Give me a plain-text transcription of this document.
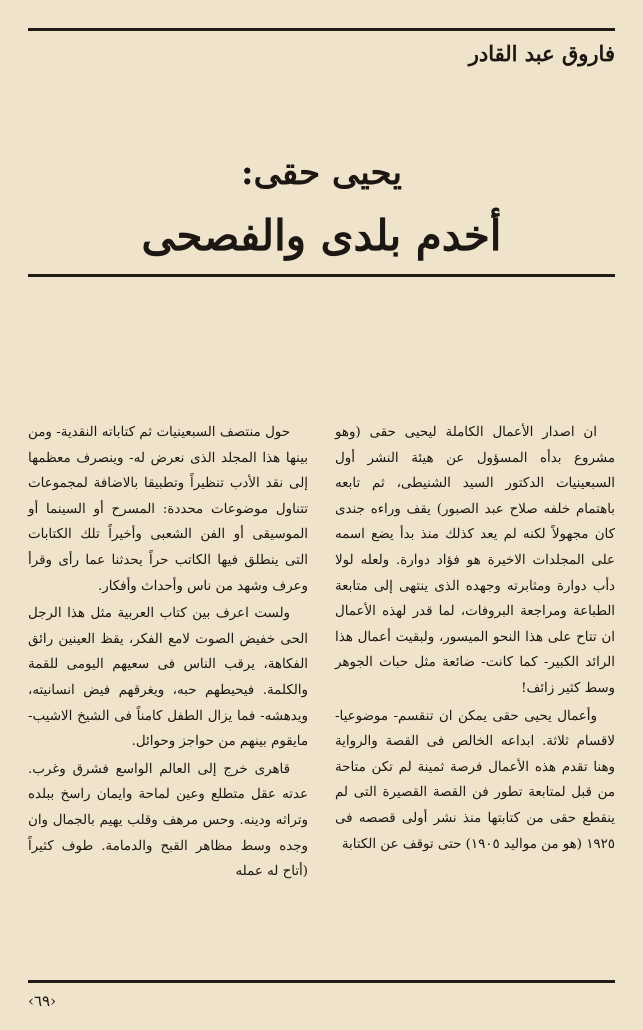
فاروق عبد القادر
يحيى حقى:
أخدم بلدى والفصحى

ان اصدار الأعمال الكاملة ليحيى حقى (وهو مشروع بدأه المسؤول عن هيئة النشر أول السبعينيات الدكتور السيد الشنيطى، ثم تابعه باهتمام خلفه صلاح عبد الصبور) يقف وراءه جندى كان مجهولاً لكنه لم يعد كذلك منذ بدأ يضع اسمه على المجلدات الاخيرة هو فؤاد دوارة. ولعله لولا دأب دوارة ومثابرته وجهده الذى ينتهى إلى متابعة الطباعة ومراجعة البروفات، لما قدر لهذه الأعمال ان تتاح على هذا النحو الميسور، ولبقيت أعمال هذا الرائد الكبير- كما كانت- ضائعة مثل حبات الجوهر وسط كثير زائف!

وأعمال يحيى حقى يمكن ان تنقسم- موضوعيا- لاقسام ثلاثة. ابداعه الخالص فى القصة والرواية وهنا تقدم هذه الأعمال فرصة ثمينة لم تكن متاحة من قبل لمتابعة تطور فن القصة القصيرة التى لم ينقطع حقى من كتابتها منذ نشر أولى قصصه فى ١٩٢٥ (هو من مواليد ١٩٠٥) حتى توقف عن الكتابة

حول منتصف السبعينيات ثم كتاباته النقدية- ومن بينها هذا المجلد الذى نعرض له- وينصرف معظمها إلى نقد الأدب تنظيراً وتطبيقا بالاضافة لمجموعات تتناول موضوعات محددة: المسرح أو السينما أو الموسيقى أو الفن الشعبى وأخيراً تلك الكتابات التى ينطلق فيها الكاتب حراً يحدثنا عما رأى وقرأ وعرف وشهد من ناس وأحداث وأفكار.

ولست اعرف بين كتاب العربية مثل هذا الرجل الحى خفيض الصوت لامع الفكر، يقظ العينين رائق الفكاهة، يرقب الناس فى سعيهم اليومى للقمة والكلمة. فيحيطهم حبه، ويغرقهم فيض انسانيته، ويدهشه- فما يزال الطفل كامناً فى الشيخ الاشيب- مايقوم بينهم من حواجز وحوائل.

قاهرى خرج إلى العالم الواسع فشرق وغرب. عدته عقل متطلع وعين لماحة وايمان راسخ ببلده وتراثه ودينه. وحس مرهف وقلب يهيم بالجمال وان وجده وسط مظاهر القبح والدمامة. طوف كثيراً (أتاح له عمله

‹٦٩›
